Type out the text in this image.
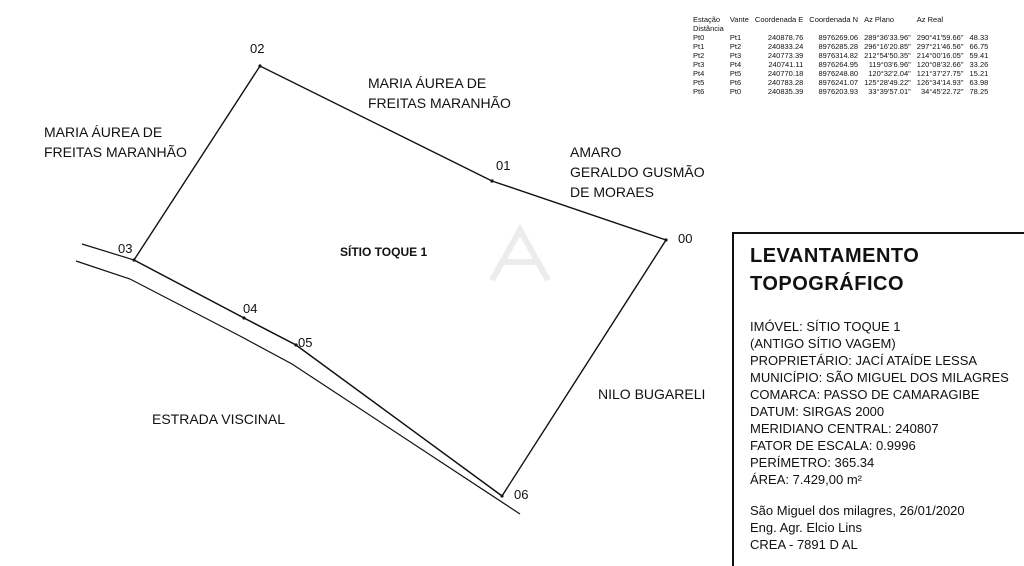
00
01
02
03
04
05
06
SÍTIO TOQUE 1
MARIA ÁUREA DE
FREITAS MARANHÃO
MARIA ÁUREA DE
FREITAS MARANHÃO
AMARO
GERALDO GUSMÃO
DE MORAES
NILO BUGARELI
ESTRADA VISCINAL
Estação	Vante	Coordenada E	Coordenada N	Az Plano	Az Real	
Distância						
Pt0	Pt1	240878.76	8976269.06	289°36'33.96"	290°41'59.66"	48.33
Pt1	Pt2	240833.24	8976285.28	296°16'20.85"	297°21'46.56"	66.75
Pt2	Pt3	240773.39	8976314.82	212°54'50.35"	214°00'16.05"	59.41
Pt3	Pt4	240741.11	8976264.95	119°03'6.96"	120°08'32.66"	33.26
Pt4	Pt5	240770.18	8976248.80	120°32'2.04"	121°37'27.75"	15.21
Pt5	Pt6	240783.28	8976241.07	125°28'49.22"	126°34'14.93"	63.98
Pt6	Pt0	240835.39	8976203.93	33°39'57.01"	34°45'22.72"	78.25
LEVANTAMENTO
TOPOGRÁFICO
IMÓVEL: SÍTIO TOQUE 1
(ANTIGO SÍTIO VAGEM)
PROPRIETÁRIO: JACÍ ATAÍDE LESSA
MUNICÍPIO: SÃO MIGUEL DOS MILAGRES
COMARCA: PASSO DE CAMARAGIBE
DATUM: SIRGAS 2000
MERIDIANO CENTRAL: 240807
FATOR DE ESCALA: 0.9996
PERÍMETRO: 365.34
ÁREA: 7.429,00 m²
São Miguel dos milagres, 26/01/2020
Eng. Agr. Elcio Lins
CREA - 7891 D AL
